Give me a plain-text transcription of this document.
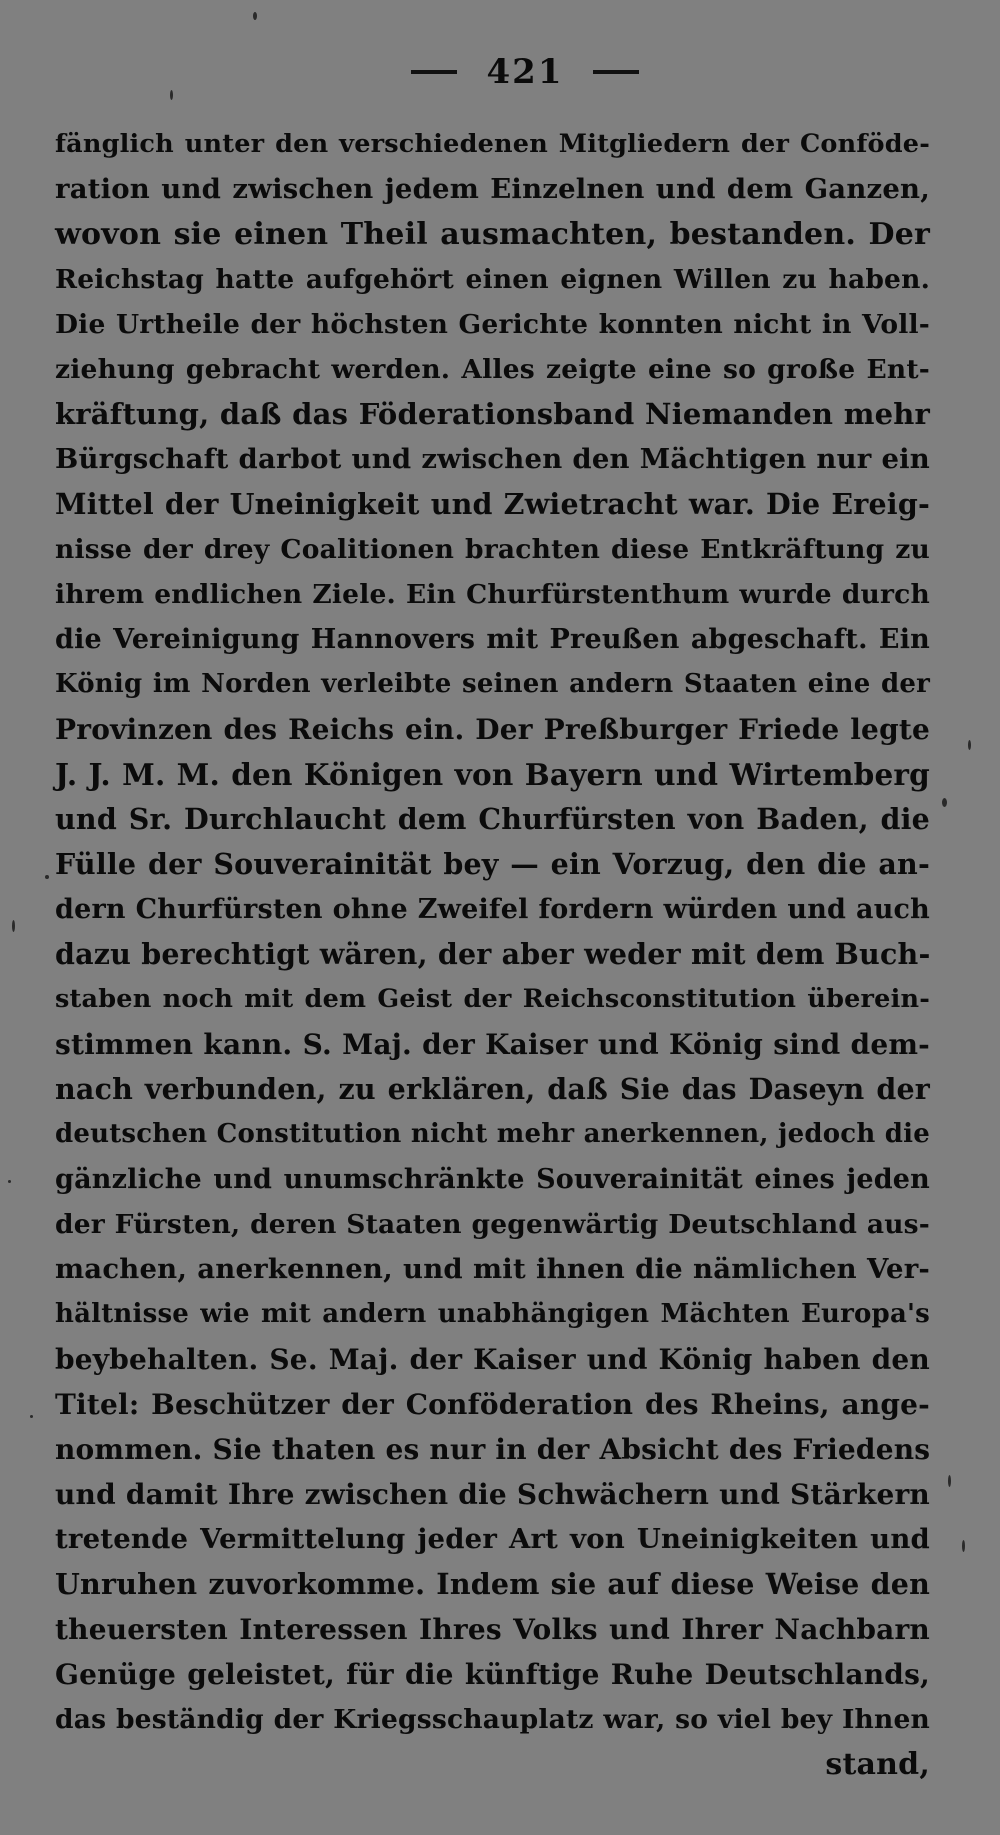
421
fänglich unter den verschiedenen Mitgliedern der Conföde-
ration und zwischen jedem Einzelnen und dem Ganzen,
wovon sie einen Theil ausmachten, bestanden. Der
Reichstag hatte aufgehört einen eignen Willen zu haben.
Die Urtheile der höchsten Gerichte konnten nicht in Voll-
ziehung gebracht werden. Alles zeigte eine so große Ent-
kräftung, daß das Föderationsband Niemanden mehr
Bürgschaft darbot und zwischen den Mächtigen nur ein
Mittel der Uneinigkeit und Zwietracht war. Die Ereig-
nisse der drey Coalitionen brachten diese Entkräftung zu
ihrem endlichen Ziele. Ein Churfürstenthum wurde durch
die Vereinigung Hannovers mit Preußen abgeschaft. Ein
König im Norden verleibte seinen andern Staaten eine der
Provinzen des Reichs ein. Der Preßburger Friede legte
J. J. M. M. den Königen von Bayern und Wirtemberg
und Sr. Durchlaucht dem Churfürsten von Baden, die
Fülle der Souverainität bey — ein Vorzug, den die an-
dern Churfürsten ohne Zweifel fordern würden und auch
dazu berechtigt wären, der aber weder mit dem Buch-
staben noch mit dem Geist der Reichsconstitution überein-
stimmen kann. S. Maj. der Kaiser und König sind dem-
nach verbunden, zu erklären, daß Sie das Daseyn der
deutschen Constitution nicht mehr anerkennen, jedoch die
gänzliche und unumschränkte Souverainität eines jeden
der Fürsten, deren Staaten gegenwärtig Deutschland aus-
machen, anerkennen, und mit ihnen die nämlichen Ver-
hältnisse wie mit andern unabhängigen Mächten Europa's
beybehalten. Se. Maj. der Kaiser und König haben den
Titel: Beschützer der Conföderation des Rheins, ange-
nommen. Sie thaten es nur in der Absicht des Friedens
und damit Ihre zwischen die Schwächern und Stärkern
tretende Vermittelung jeder Art von Uneinigkeiten und
Unruhen zuvorkomme. Indem sie auf diese Weise den
theuersten Interessen Ihres Volks und Ihrer Nachbarn
Genüge geleistet, für die künftige Ruhe Deutschlands,
das beständig der Kriegsschauplatz war, so viel bey Ihnen
stand,
